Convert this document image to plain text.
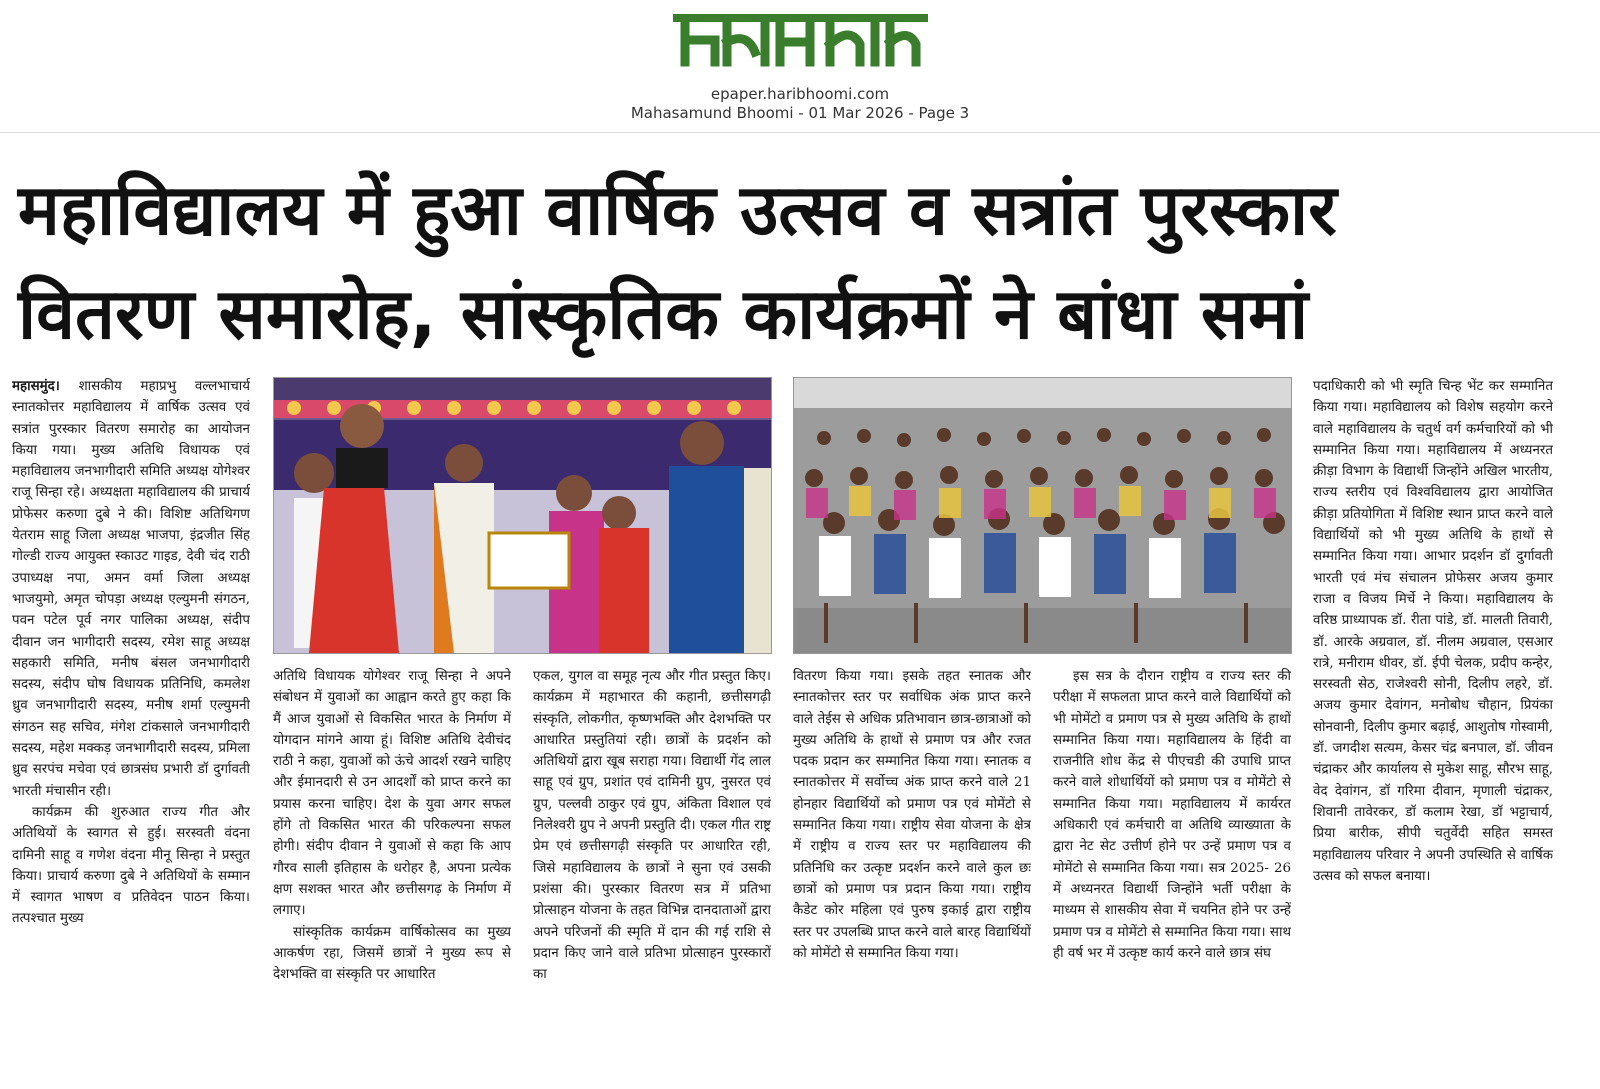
epaper.haribhoomi.com
Mahasamund Bhoomi - 01 Mar 2026 - Page 3
महाविद्यालय में हुआ वार्षिक उत्सव व सत्रांत पुरस्कार
वितरण समारोह, सांस्कृतिक कार्यक्रमों ने बांधा समां

महासमुंद। शासकीय महाप्रभु वल्लभाचार्य स्नातकोत्तर महाविद्यालय में वार्षिक उत्सव एवं सत्रांत पुरस्कार वितरण समारोह का आयोजन किया गया। मुख्य अतिथि विधायक एवं महाविद्यालय जनभागीदारी समिति अध्यक्ष योगेश्वर राजू सिन्हा रहे। अध्यक्षता महाविद्यालय की प्राचार्य प्रोफेसर करुणा दुबे ने की। विशिष्ट अतिथिगण येतराम साहू जिला अध्यक्ष भाजपा, इंद्रजीत सिंह गोल्डी राज्य आयुक्त स्काउट गाइड, देवी चंद राठी उपाध्यक्ष नपा, अमन वर्मा जिला अध्यक्ष भाजयुमो, अमृत चोपड़ा अध्यक्ष एल्युमनी संगठन, पवन पटेल पूर्व नगर पालिका अध्यक्ष, संदीप दीवान जन भागीदारी सदस्य, रमेश साहू अध्यक्ष सहकारी समिति, मनीष बंसल जनभागीदारी सदस्य, संदीप घोष विधायक प्रतिनिधि, कमलेश ध्रुव जनभागीदारी सदस्य, मनीष शर्मा एल्युमनी संगठन सह सचिव, मंगेश टांकसाले जनभागीदारी सदस्य, महेश मक्कड़ जनभागीदारी सदस्य, प्रमिला ध्रुव सरपंच मचेवा एवं छात्रसंघ प्रभारी डॉ दुर्गावती भारती मंचासीन रही।

कार्यक्रम की शुरुआत राज्य गीत और अतिथियों के स्वागत से हुई। सरस्वती वंदना दामिनी साहू व गणेश वंदना मीनू सिन्हा ने प्रस्तुत किया। प्राचार्य करुणा दुबे ने अतिथियों के सम्मान में स्वागत भाषण व प्रतिवेदन पाठन किया। तत्पश्चात मुख्य

अतिथि विधायक योगेश्वर राजू सिन्हा ने अपने संबोधन में युवाओं का आह्वान करते हुए कहा कि मैं आज युवाओं से विकसित भारत के निर्माण में योगदान मांगने आया हूं। विशिष्ट अतिथि देवीचंद राठी ने कहा, युवाओं को ऊंचे आदर्श रखने चाहिए और ईमानदारी से उन आदर्शों को प्राप्त करने का प्रयास करना चाहिए। देश के युवा अगर सफल होंगे तो विकसित भारत की परिकल्पना सफल होगी। संदीप दीवान ने युवाओं से कहा कि आप गौरव साली इतिहास के धरोहर है, अपना प्रत्येक क्षण सशक्त भारत और छत्तीसगढ़ के निर्माण में लगाए।

सांस्कृतिक कार्यक्रम वार्षिकोत्सव का मुख्य आकर्षण रहा, जिसमें छात्रों ने मुख्य रूप से देशभक्ति वा संस्कृति पर आधारित

एकल, युगल वा समूह नृत्य और गीत प्रस्तुत किए। कार्यक्रम में महाभारत की कहानी, छत्तीसगढ़ी संस्कृति, लोकगीत, कृष्णभक्ति और देशभक्ति पर आधारित प्रस्तुतियां रही। छात्रों के प्रदर्शन को अतिथियों द्वारा खूब सराहा गया। विद्यार्थी गेंद लाल साहू एवं ग्रुप, प्रशांत एवं दामिनी ग्रुप, नुसरत एवं ग्रुप, पल्लवी ठाकुर एवं ग्रुप, अंकिता विशाल एवं निलेश्वरी ग्रुप ने अपनी प्रस्तुति दी। एकल गीत राष्ट्र प्रेम एवं छत्तीसगढ़ी संस्कृति पर आधारित रही, जिसे महाविद्यालय के छात्रों ने सुना एवं उसकी प्रशंसा की। पुरस्कार वितरण सत्र में प्रतिभा प्रोत्साहन योजना के तहत विभिन्न दानदाताओं द्वारा अपने परिजनों की स्मृति में दान की गई राशि से प्रदान किए जाने वाले प्रतिभा प्रोत्साहन पुरस्कारों का

वितरण किया गया। इसके तहत स्नातक और स्नातकोत्तर स्तर पर सर्वाधिक अंक प्राप्त करने वाले तेईस से अधिक प्रतिभावान छात्र-छात्राओं को मुख्य अतिथि के हाथों से प्रमाण पत्र और रजत पदक प्रदान कर सम्मानित किया गया। स्नातक व स्नातकोत्तर में सर्वोच्च अंक प्राप्त करने वाले 21 होनहार विद्यार्थियों को प्रमाण पत्र एवं मोमेंटो से सम्मानित किया गया। राष्ट्रीय सेवा योजना के क्षेत्र में राष्ट्रीय व राज्य स्तर पर महाविद्यालय की प्रतिनिधि कर उत्कृष्ट प्रदर्शन करने वाले कुल छः छात्रों को प्रमाण पत्र प्रदान किया गया। राष्ट्रीय कैडेट कोर महिला एवं पुरुष इकाई द्वारा राष्ट्रीय स्तर पर उपलब्धि प्राप्त करने वाले बारह विद्यार्थियों को मोमेंटो से सम्मानित किया गया।

इस सत्र के दौरान राष्ट्रीय व राज्य स्तर की परीक्षा में सफलता प्राप्त करने वाले विद्यार्थियों को भी मोमेंटो व प्रमाण पत्र से मुख्य अतिथि के हाथों सम्मानित किया गया। महाविद्यालय के हिंदी वा राजनीति शोध केंद्र से पीएचडी की उपाधि प्राप्त करने वाले शोधार्थियों को प्रमाण पत्र व मोमेंटो से सम्मानित किया गया। महाविद्यालय में कार्यरत अधिकारी एवं कर्मचारी वा अतिथि व्याख्याता के द्वारा नेट सेट उत्तीर्ण होने पर उन्हें प्रमाण पत्र व मोमेंटो से सम्मानित किया गया। सत्र 2025- 26 में अध्यनरत विद्यार्थी जिन्होंने भर्ती परीक्षा के माध्यम से शासकीय सेवा में चयनित होने पर उन्हें प्रमाण पत्र व मोमेंटो से सम्मानित किया गया। साथ ही वर्ष भर में उत्कृष्ट कार्य करने वाले छात्र संघ

पदाधिकारी को भी स्मृति चिन्ह भेंट कर सम्मानित किया गया। महाविद्यालय को विशेष सहयोग करने वाले महाविद्यालय के चतुर्थ वर्ग कर्मचारियों को भी सम्मानित किया गया। महाविद्यालय में अध्यनरत क्रीड़ा विभाग के विद्यार्थी जिन्होंने अखिल भारतीय, राज्य स्तरीय एवं विश्वविद्यालय द्वारा आयोजित क्रीड़ा प्रतियोगिता में विशिष्ट स्थान प्राप्त करने वाले विद्यार्थियों को भी मुख्य अतिथि के हाथों से सम्मानित किया गया। आभार प्रदर्शन डॉ दुर्गावती भारती एवं मंच संचालन प्रोफेसर अजय कुमार राजा व विजय मिर्चे ने किया। महाविद्यालय के वरिष्ठ प्राध्यापक डॉ. रीता पांडे, डॉ. मालती तिवारी, डॉ. आरके अग्रवाल, डॉ. नीलम अग्रवाल, एसआर रात्रे, मनीराम धीवर, डॉ. ईपी चेलक, प्रदीप कन्हेर, सरस्वती सेठ, राजेश्वरी सोनी, दिलीप लहरे, डॉ. अजय कुमार देवांगन, मनोबोध चौहान, प्रियंका सोनवानी, दिलीप कुमार बढ़ाई, आशुतोष गोस्वामी, डॉ. जगदीश सत्यम, केसर चंद्र बनपाल, डॉ. जीवन चंद्राकर और कार्यालय से मुकेश साहू, सौरभ साहू, वेद देवांगन, डॉ गरिमा दीवान, मृणाली चंद्राकर, शिवानी तावेरकर, डॉ कलाम रेखा, डॉ भट्टाचार्य, प्रिया बारीक, सीपी चतुर्वेदी सहित समस्त महाविद्यालय परिवार ने अपनी उपस्थिति से वार्षिक उत्सव को सफल बनाया।
